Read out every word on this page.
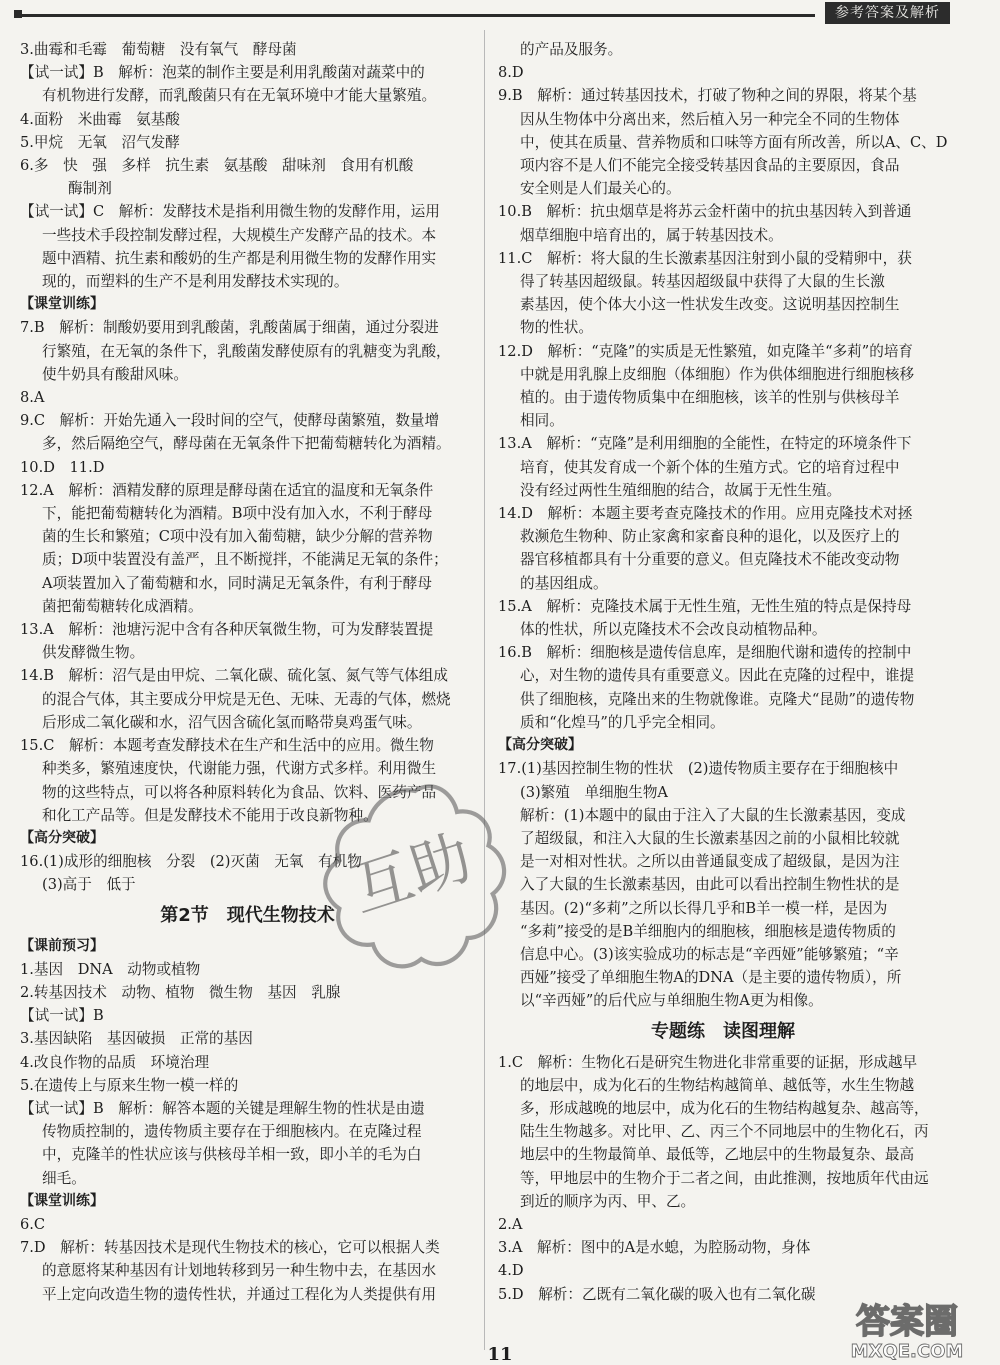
参考答案及解析
3.曲霉和毛霉　葡萄糖　没有氧气　酵母菌
【试一试】B　解析：泡菜的制作主要是利用乳酸菌对蔬菜中的
有机物进行发酵，而乳酸菌只有在无氧环境中才能大量繁殖。
4.面粉　米曲霉　氨基酸
5.甲烷　无氧　沼气发酵
6.多　快　强　多样　抗生素　氨基酸　甜味剂　食用有机酸
酶制剂
【试一试】C　解析：发酵技术是指利用微生物的发酵作用，运用
一些技术手段控制发酵过程，大规模生产发酵产品的技术。本
题中酒精、抗生素和酸奶的生产都是利用微生物的发酵作用实
现的，而塑料的生产不是利用发酵技术实现的。
【课堂训练】
7.B　解析：制酸奶要用到乳酸菌，乳酸菌属于细菌，通过分裂进
行繁殖，在无氧的条件下，乳酸菌发酵使原有的乳糖变为乳酸，
使牛奶具有酸甜风味。
8.A
9.C　解析：开始先通入一段时间的空气，使酵母菌繁殖，数量增
多，然后隔绝空气，酵母菌在无氧条件下把葡萄糖转化为酒精。
10.D　11.D
12.A　解析：酒精发酵的原理是酵母菌在适宜的温度和无氧条件
下，能把葡萄糖转化为酒精。B项中没有加入水，不利于酵母
菌的生长和繁殖；C项中没有加入葡萄糖，缺少分解的营养物
质；D项中装置没有盖严，且不断搅拌，不能满足无氧的条件；
A项装置加入了葡萄糖和水，同时满足无氧条件，有利于酵母
菌把葡萄糖转化成酒精。
13.A　解析：池塘污泥中含有各种厌氧微生物，可为发酵装置提
供发酵微生物。
14.B　解析：沼气是由甲烷、二氧化碳、硫化氢、氮气等气体组成
的混合气体，其主要成分甲烷是无色、无味、无毒的气体，燃烧
后形成二氧化碳和水，沼气因含硫化氢而略带臭鸡蛋气味。
15.C　解析：本题考查发酵技术在生产和生活中的应用。微生物
种类多，繁殖速度快，代谢能力强，代谢方式多样。利用微生
物的这些特点，可以将各种原料转化为食品、饮料、医药产品
和化工产品等。但是发酵技术不能用于改良新物种。
【高分突破】
16.(1)成形的细胞核　分裂　(2)灭菌　无氧　有机物
(3)高于　低于
第2节　现代生物技术
【课前预习】
1.基因　DNA　动物或植物
2.转基因技术　动物、植物　微生物　基因　乳腺
【试一试】B
3.基因缺陷　基因破损　正常的基因
4.改良作物的品质　环境治理
5.在遗传上与原来生物一模一样的
【试一试】B　解析：解答本题的关键是理解生物的性状是由遗
传物质控制的，遗传物质主要存在于细胞核内。在克隆过程
中，克隆羊的性状应该与供核母羊相一致，即小羊的毛为白
细毛。
【课堂训练】
6.C
7.D　解析：转基因技术是现代生物技术的核心，它可以根据人类
的意愿将某种基因有计划地转移到另一种生物中去，在基因水
平上定向改造生物的遗传性状，并通过工程化为人类提供有用
的产品及服务。
8.D
9.B　解析：通过转基因技术，打破了物种之间的界限，将某个基
因从生物体中分离出来，然后植入另一种完全不同的生物体
中，使其在质量、营养物质和口味等方面有所改善，所以A、C、D
项内容不是人们不能完全接受转基因食品的主要原因，食品
安全则是人们最关心的。
10.B　解析：抗虫烟草是将苏云金杆菌中的抗虫基因转入到普通
烟草细胞中培育出的，属于转基因技术。
11.C　解析：将大鼠的生长激素基因注射到小鼠的受精卵中，获
得了转基因超级鼠。转基因超级鼠中获得了大鼠的生长激
素基因，使个体大小这一性状发生改变。这说明基因控制生
物的性状。
12.D　解析：“克隆”的实质是无性繁殖，如克隆羊“多莉”的培育
中就是用乳腺上皮细胞（体细胞）作为供体细胞进行细胞核移
植的。由于遗传物质集中在细胞核，该羊的性别与供核母羊
相同。
13.A　解析：“克隆”是利用细胞的全能性，在特定的环境条件下
培育，使其发育成一个新个体的生殖方式。它的培育过程中
没有经过两性生殖细胞的结合，故属于无性生殖。
14.D　解析：本题主要考查克隆技术的作用。应用克隆技术对拯
救濒危生物种、防止家禽和家畜良种的退化，以及医疗上的
器官移植都具有十分重要的意义。但克隆技术不能改变动物
的基因组成。
15.A　解析：克隆技术属于无性生殖，无性生殖的特点是保持母
体的性状，所以克隆技术不会改良动植物品种。
16.B　解析：细胞核是遗传信息库，是细胞代谢和遗传的控制中
心，对生物的遗传具有重要意义。因此在克隆的过程中，谁提
供了细胞核，克隆出来的生物就像谁。克隆犬“昆勋”的遗传物
质和“化煌马”的几乎完全相同。
【高分突破】
17.(1)基因控制生物的性状　(2)遗传物质主要存在于细胞核中
(3)繁殖　单细胞生物A
解析：(1)本题中的鼠由于注入了大鼠的生长激素基因，变成
了超级鼠，和注入大鼠的生长激素基因之前的小鼠相比较就
是一对相对性状。之所以由普通鼠变成了超级鼠，是因为注
入了大鼠的生长激素基因，由此可以看出控制生物性状的是
基因。(2)“多莉”之所以长得几乎和B羊一模一样，是因为
“多莉”接受的是B羊细胞内的细胞核，细胞核是遗传物质的
信息中心。(3)该实验成功的标志是“辛西娅”能够繁殖；“辛
西娅”接受了单细胞生物A的DNA（是主要的遗传物质），所
以“辛西娅”的后代应与单细胞生物A更为相像。
专题练　读图理解
1.C　解析：生物化石是研究生物进化非常重要的证据，形成越早
的地层中，成为化石的生物结构越简单、越低等，水生生物越
多，形成越晚的地层中，成为化石的生物结构越复杂、越高等，
陆生生物越多。对比甲、乙、丙三个不同地层中的生物化石，丙
地层中的生物最简单、最低等，乙地层中的生物最复杂、最高
等，甲地层中的生物介于二者之间，由此推测，按地质年代由远
到近的顺序为丙、甲、乙。
2.A
3.A　解析：图中的A是水螅，为腔肠动物，身体
4.D
5.D　解析：乙既有二氧化碳的吸入也有二氧化碳
互助
答案圈
MXQE.COM
11
